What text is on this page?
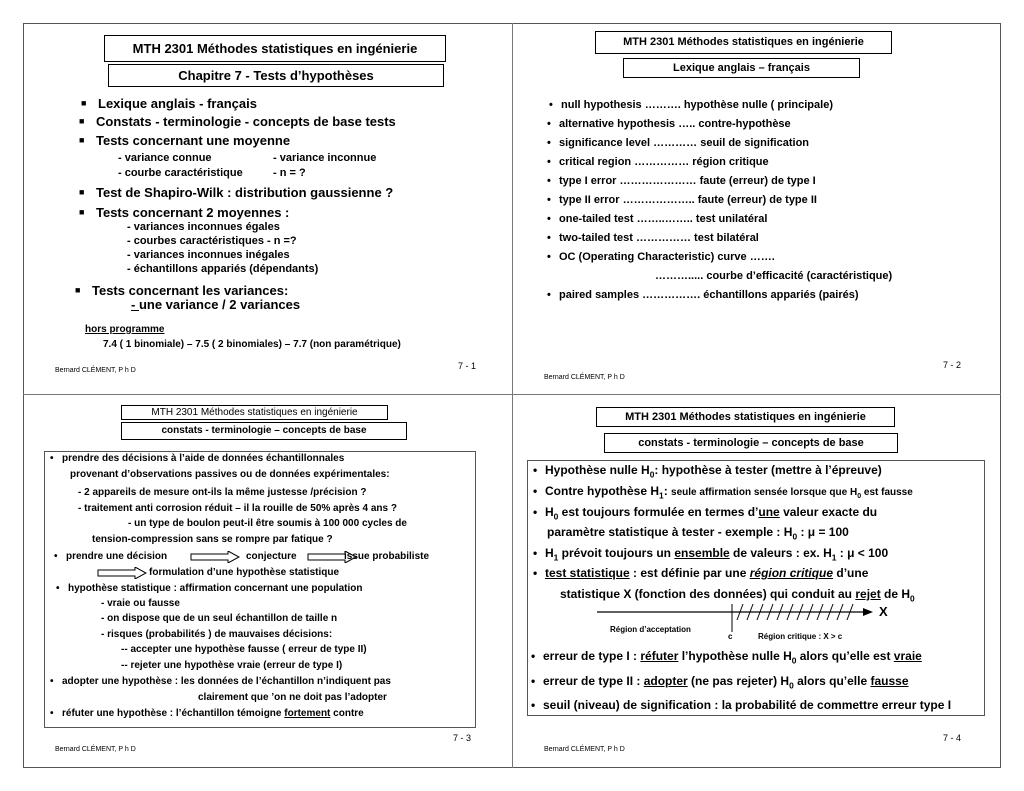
MTH 2301 Méthodes statistiques en ingénierie
Chapitre 7 - Tests d’hypothèses
■ Lexique anglais - français
■ Constats - terminologie - concepts de base tests
■ Tests concernant une moyenne
- variance connue	- variance inconnue
- courbe caractéristique	- n = ?
■ Test de Shapiro-Wilk : distribution gaussienne ?
■ Tests concernant 2 moyennes :
- variances inconnues égales
- courbes caractéristiques - n =?
- variances inconnues inégales
- échantillons appariés (dépendants)
■ Tests concernant les variances:
- une variance / 2 variances
hors programme
7.4 ( 1 binomiale) – 7.5 ( 2 binomiales) – 7.7 (non paramétrique)
Bernard CLÉMENT, P h D	7 - 1
MTH 2301 Méthodes statistiques en ingénierie
Lexique anglais – français
• null hypothesis ………. hypothèse nulle ( principale)
• alternative hypothesis ….. contre-hypothèse
• significance level ………… seuil de signification
• critical region …………… région critique
• type I error ………………… faute (erreur) de type I
• type II error ……………….. faute (erreur) de type II
• one-tailed test ……..…….. test unilatéral
• two-tailed test …………… test bilatéral
• OC (Operating Characteristic) curve …….
………..... courbe d’efficacité (caractéristique)
• paired samples ……………. échantillons appariés (pairés)
Bernard CLÉMENT, P h D
7 - 2
MTH 2301 Méthodes statistiques en ingénierie
constats - terminologie – concepts de base
• prendre des décisions à l’aide de données échantillonnales
provenant d’observations passives ou de données expérimentales:
- 2 appareils de mesure ont-ils la même justesse /précision ?
- traitement anti corrosion réduit – il la rouille de 50% après 4 ans ?
- un type de boulon peut-il être soumis à 100 000 cycles de
tension-compression sans se rompre par fatique ?
• prendre une décision	conjecture	issue probabiliste
formulation d’une hypothèse statistique
• hypothèse statistique : affirmation concernant une population
- vraie ou fausse
- on dispose que de un seul échantillon de taille n
- risques (probabilités ) de mauvaises décisions:
-- accepter une hypothèse fausse ( erreur de type II)
-- rejeter une hypothèse vraie (erreur de type I)
• adopter une hypothèse : les données de l’échantillon n’indiquent pas
clairement que ’on ne doit pas l’adopter
• réfuter une hypothèse : l’échantillon témoigne fortement contre
Bernard CLÉMENT, P h D
7 - 3
MTH 2301 Méthodes statistiques en ingénierie
constats - terminologie – concepts de base
• Hypothèse nulle $H_0$: hypothèse à tester (mettre à l’épreuve)
• Contre hypothèse $H_1$: seule affirmation sensée lorsque que $H_0$ est fausse
• $H_0$ est toujours formulée en termes d’une valeur exacte du
paramètre statistique à tester - exemple : $H_0$ : μ = 100
• $H_1$ prévoit toujours un ensemble de valeurs : ex. $H_1$ : μ < 100
• test statistique : est définie par une région critique d’une
statistique X (fonction des données) qui conduit au rejet de $H_0$
X
Région d’acceptation
c	Région critique : X > c
• erreur de type I : réfuter l’hypothèse nulle $H_0$ alors qu’elle est vraie
• erreur de type II : adopter (ne pas rejeter) $H_0$ alors qu’elle fausse
• seuil (niveau) de signification : la probabilité de commettre erreur type I
Bernard CLÉMENT, P h D
7 - 4
